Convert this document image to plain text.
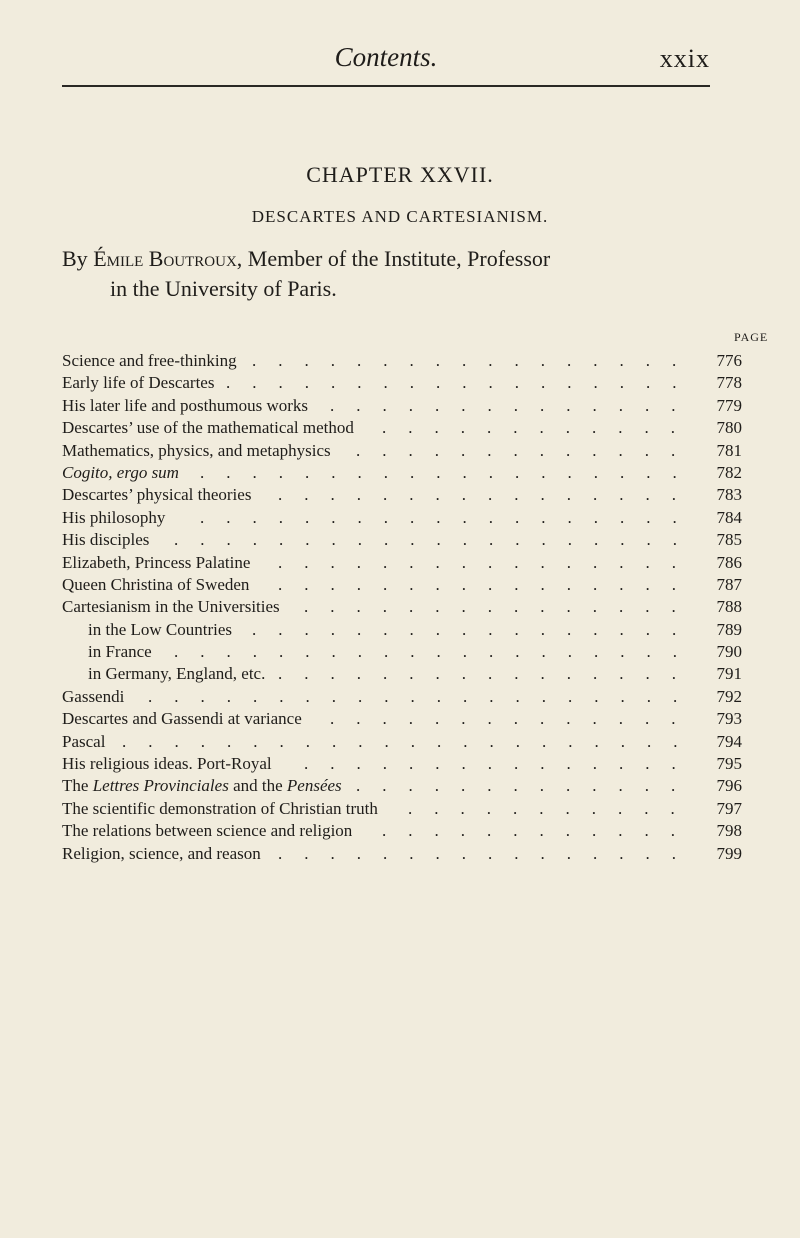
Contents.	xxix
CHAPTER XXVII.
DESCARTES AND CARTESIANISM.
By Émile Boutroux, Member of the Institute, Professor
in the University of Paris.
PAGE
Science and free-thinking ................. 776
Early life of Descartes .................. 778
His later life and posthumous works .............. 779
Descartes’ use of the mathematical method ............ 780
Mathematics, physics, and metaphysics ............. 781
Cogito, ergo sum ................... 782
Descartes’ physical theories ................ 783
His philosophy ................... 784
His disciples .................... 785
Elizabeth, Princess Palatine ................ 786
Queen Christina of Sweden ................ 787
Cartesianism in the Universities ............... 788
in the Low Countries ................. 789
in France .................... 790
in Germany, England, etc. ................ 791
Gassendi ..................... 792
Descartes and Gassendi at variance .............. 793
Pascal ...................... 794
His religious ideas. Port-Royal ............... 795
The Lettres Provinciales and the Pensées ............. 796
The scientific demonstration of Christian truth ........... 797
The relations between science and religion ............ 798
Religion, science, and reason ................ 799
